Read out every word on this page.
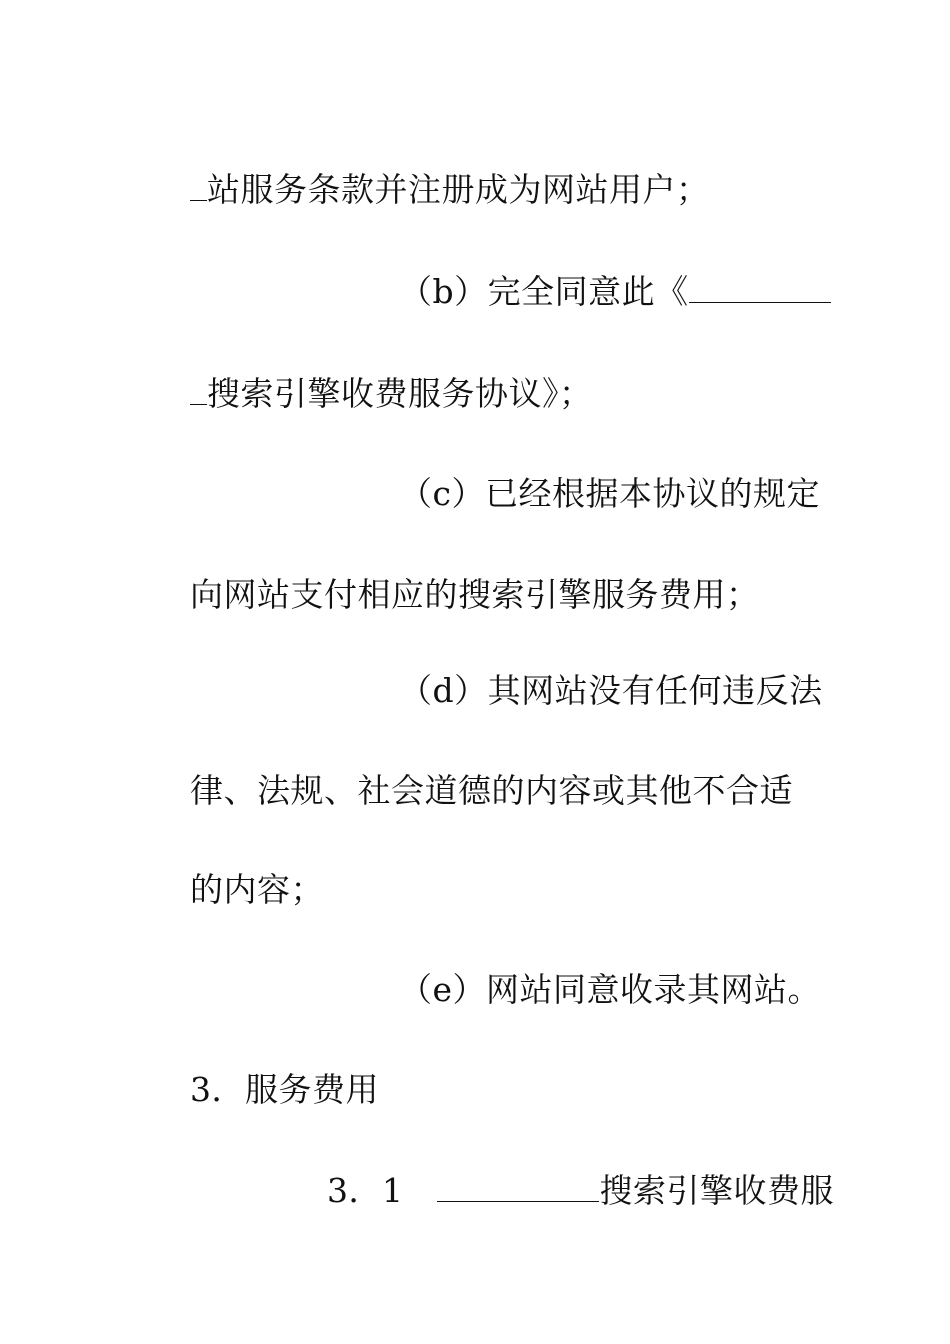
站服务条款并注册成为网站用户；

（b）完全同意此《

搜索引擎收费服务协议》；

（c）已经根据本协议的规定

向网站支付相应的搜索引擎服务费用；

（d）其网站没有任何违反法

律、法规、社会道德的内容或其他不合适

的内容；

（e）网站同意收录其网站。

3．服务费用

3．1	搜索引擎收费服
